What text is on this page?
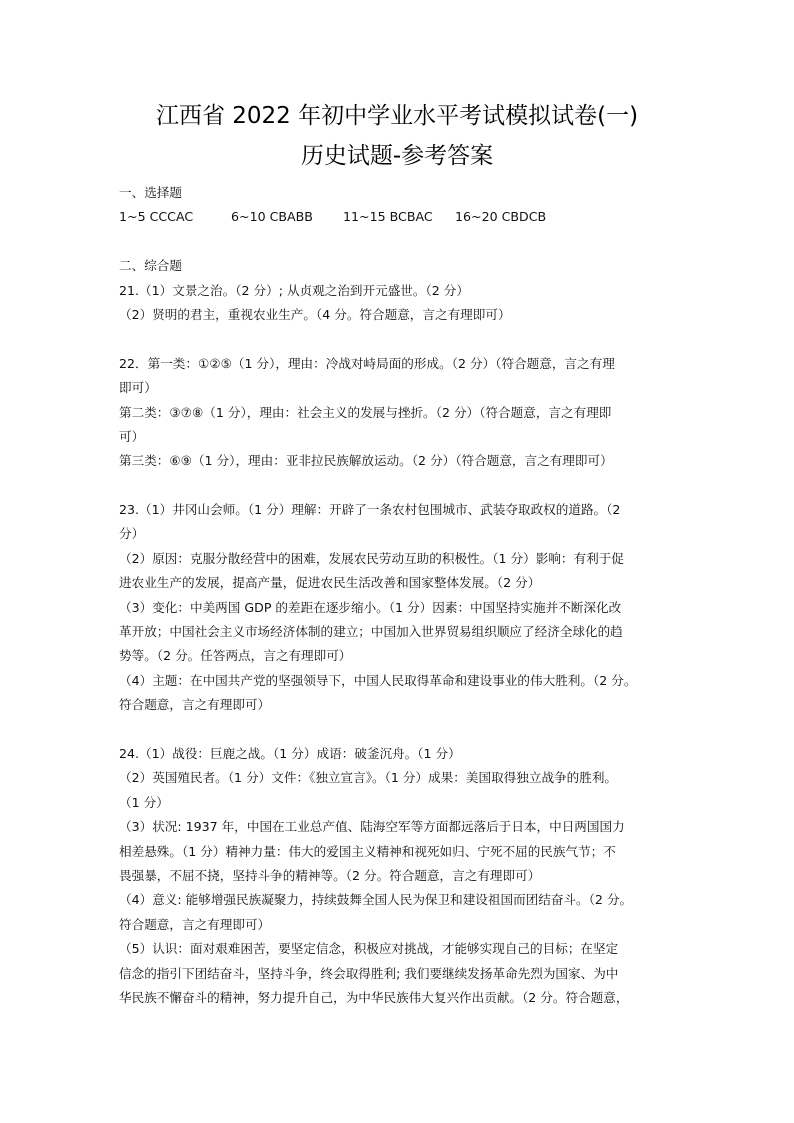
江西省 2022 年初中学业水平考试模拟试卷(一)
历史试题-参考答案
一、选择题
1~5 CCCAC	6~10 CBABB 11~15 BCBAC 16~20 CBDCB
二、综合题
21.（1）文景之治。（2 分）; 从贞观之治到开元盛世。（2 分）
（2）贤明的君主，重视农业生产。（4 分。符合题意，言之有理即可）
22．第一类：①②⑤（1 分），理由：冷战对峙局面的形成。（2 分）（符合题意，言之有理
即可）
第二类：③⑦⑧（1 分），理由：社会主义的发展与挫折。（2 分）（符合题意，言之有理即
可）
第三类：⑥⑨（1 分），理由：亚非拉民族解放运动。（2 分）（符合题意，言之有理即可）
23.（1）井冈山会师。（1 分）理解：开辟了一条农村包围城市、武装夺取政权的道路。（2
分）
（2）原因：克服分散经营中的困难，发展农民劳动互助的积极性。（1 分）影响：有利于促
进农业生产的发展，提高产量，促进农民生活改善和国家整体发展。（2 分）
（3）变化：中美两国 GDP 的差距在逐步缩小。（1 分）因素：中国坚持实施并不断深化改
革开放；中国社会主义市场经济体制的建立；中国加入世界贸易组织顺应了经济全球化的趋
势等。（2 分。任答两点，言之有理即可）
（4）主题：在中国共产党的坚强领导下，中国人民取得革命和建设事业的伟大胜利。（2 分。
符合题意，言之有理即可）
24.（1）战役：巨鹿之战。（1 分）成语：破釜沉舟。（1 分）
（2）英国殖民者。（1 分）文件：《独立宣言》。（1 分）成果：美国取得独立战争的胜利。
（1 分）
（3）状况: 1937 年，中国在工业总产值、陆海空军等方面都远落后于日本，中日两国国力
相差悬殊。（1 分）精神力量：伟大的爱国主义精神和视死如归、宁死不屈的民族气节；不
畏强暴，不屈不挠，坚持斗争的精神等。（2 分。符合题意，言之有理即可）
（4）意义: 能够增强民族凝聚力，持续鼓舞全国人民为保卫和建设祖国而团结奋斗。（2 分。
符合题意，言之有理即可）
（5）认识：面对艰难困苦，要坚定信念，积极应对挑战，才能够实现自己的目标；在坚定
信念的指引下团结奋斗，坚持斗争，终会取得胜利; 我们要继续发扬革命先烈为国家、为中
华民族不懈奋斗的精神，努力提升自己，为中华民族伟大复兴作出贡献。（2 分。符合题意，
